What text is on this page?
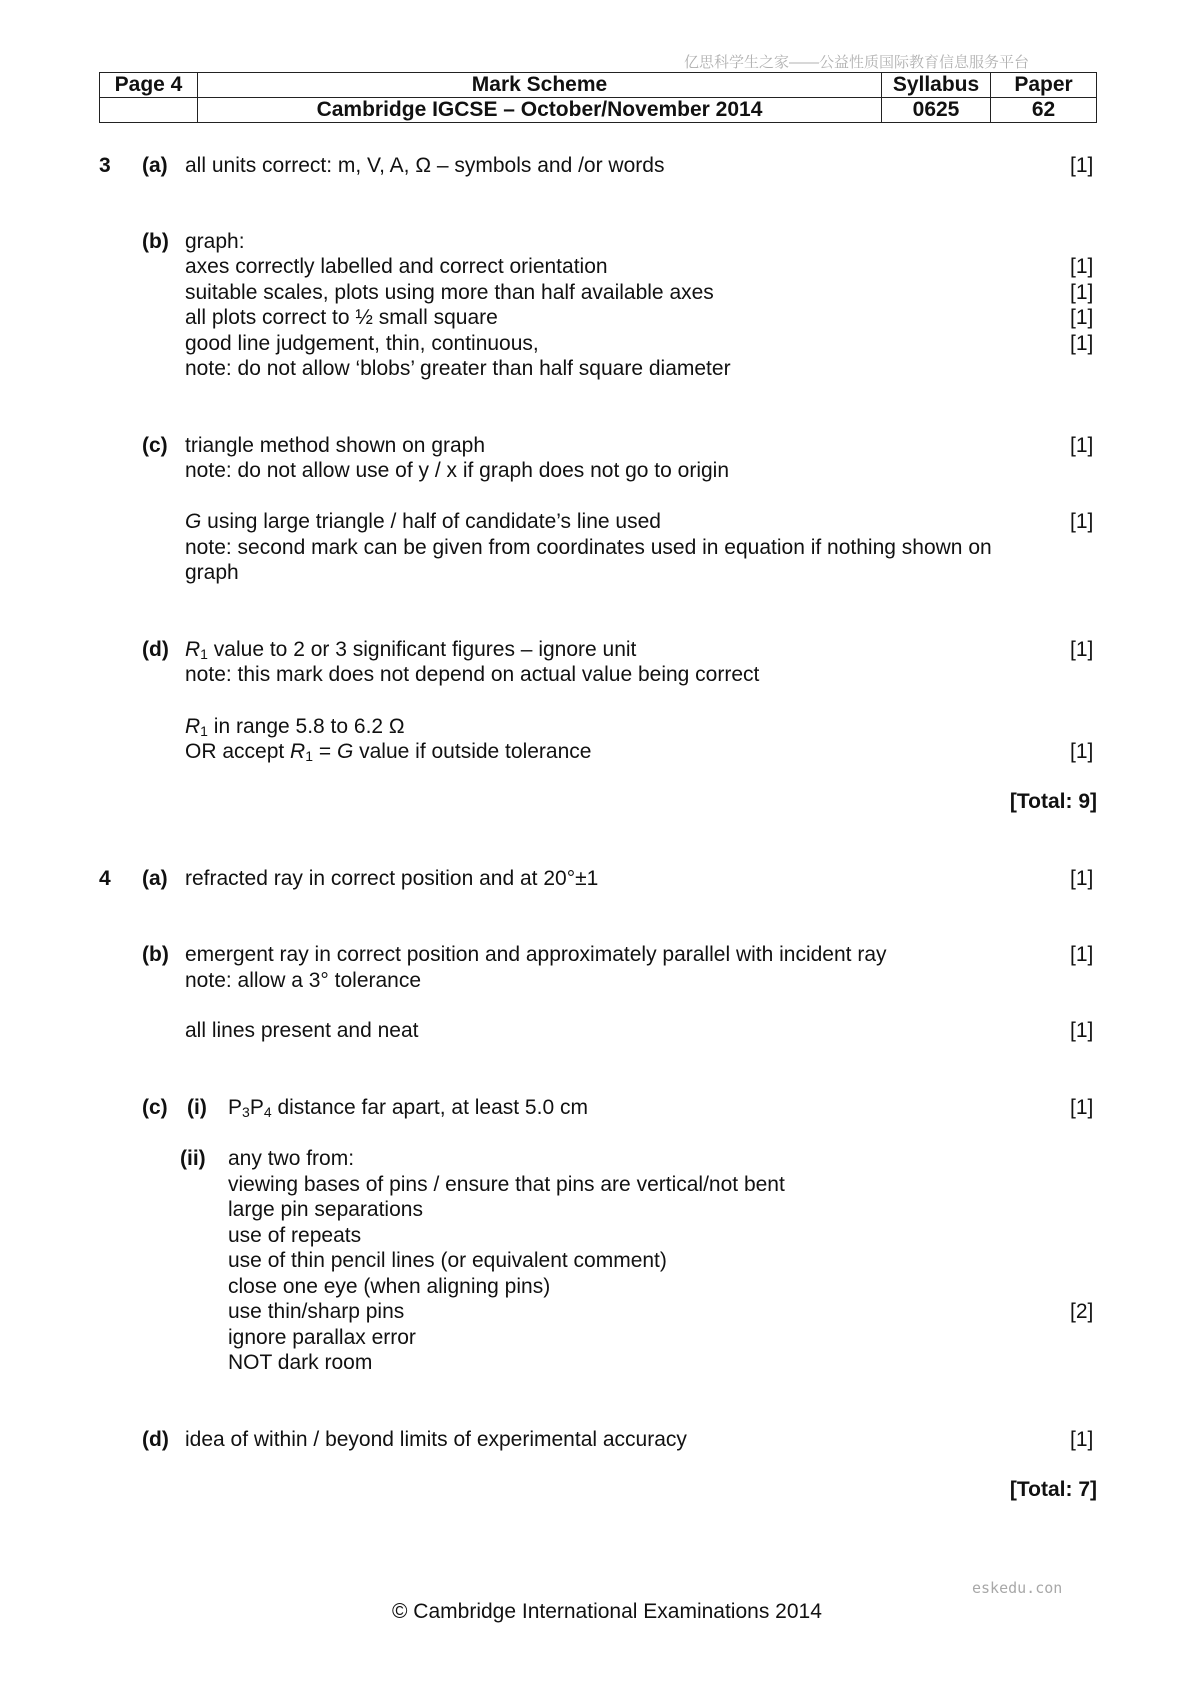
亿思科学生之家——公益性质国际教育信息服务平台
Page 4	Mark Scheme	Syllabus	Paper
	Cambridge IGCSE – October/November 2014	0625	62
3 (a) all units correct: m, V, A, Ω – symbols and /or words	[1]
(b) graph:
axes correctly labelled and correct orientation	[1]
suitable scales, plots using more than half available axes	[1]
all plots correct to ½ small square	[1]
good line judgement, thin, continuous,	[1]
note: do not allow ‘blobs’ greater than half square diameter
(c) triangle method shown on graph	[1]
note: do not allow use of y / x if graph does not go to origin
G using large triangle / half of candidate’s line used	[1]
note: second mark can be given from coordinates used in equation if nothing shown on
graph
(d) $R_1$ value to 2 or 3 significant figures – ignore unit	[1]
note: this mark does not depend on actual value being correct
$R_1$ in range 5.8 to 6.2 Ω
OR accept $R_1 = G$ value if outside tolerance	[1]
[Total: 9]
4 (a) refracted ray in correct position and at 20°±1	[1]
(b) emergent ray in correct position and approximately parallel with incident ray	[1]
note: allow a 3° tolerance
all lines present and neat	[1]
(c) (i) $P_3P_4$ distance far apart, at least 5.0 cm	[1]
(ii) any two from:
viewing bases of pins / ensure that pins are vertical/not bent
large pin separations
use of repeats
use of thin pencil lines (or equivalent comment)
close one eye (when aligning pins)
use thin/sharp pins	[2]
ignore parallax error
NOT dark room
(d) idea of within / beyond limits of experimental accuracy	[1]
[Total: 7]
eskedu.con
© Cambridge International Examinations 2014
